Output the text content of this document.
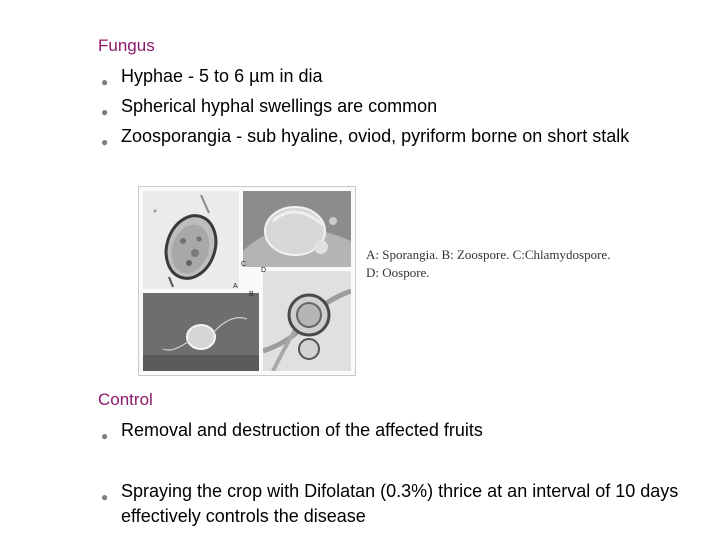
Fungus
● Hyphae - 5 to 6 µm in dia
● Spherical hyphal swellings are common
● Zoosporangia - sub hyaline, oviod, pyriform borne on short stalk
C
D
A
B
A: Sporangia. B: Zoospore. C:Chlamydospore.
D: Oospore.
Control
● Removal and destruction of the affected fruits
● Spraying the crop with Difolatan (0.3%) thrice at an interval of 10 days effectively controls the disease
